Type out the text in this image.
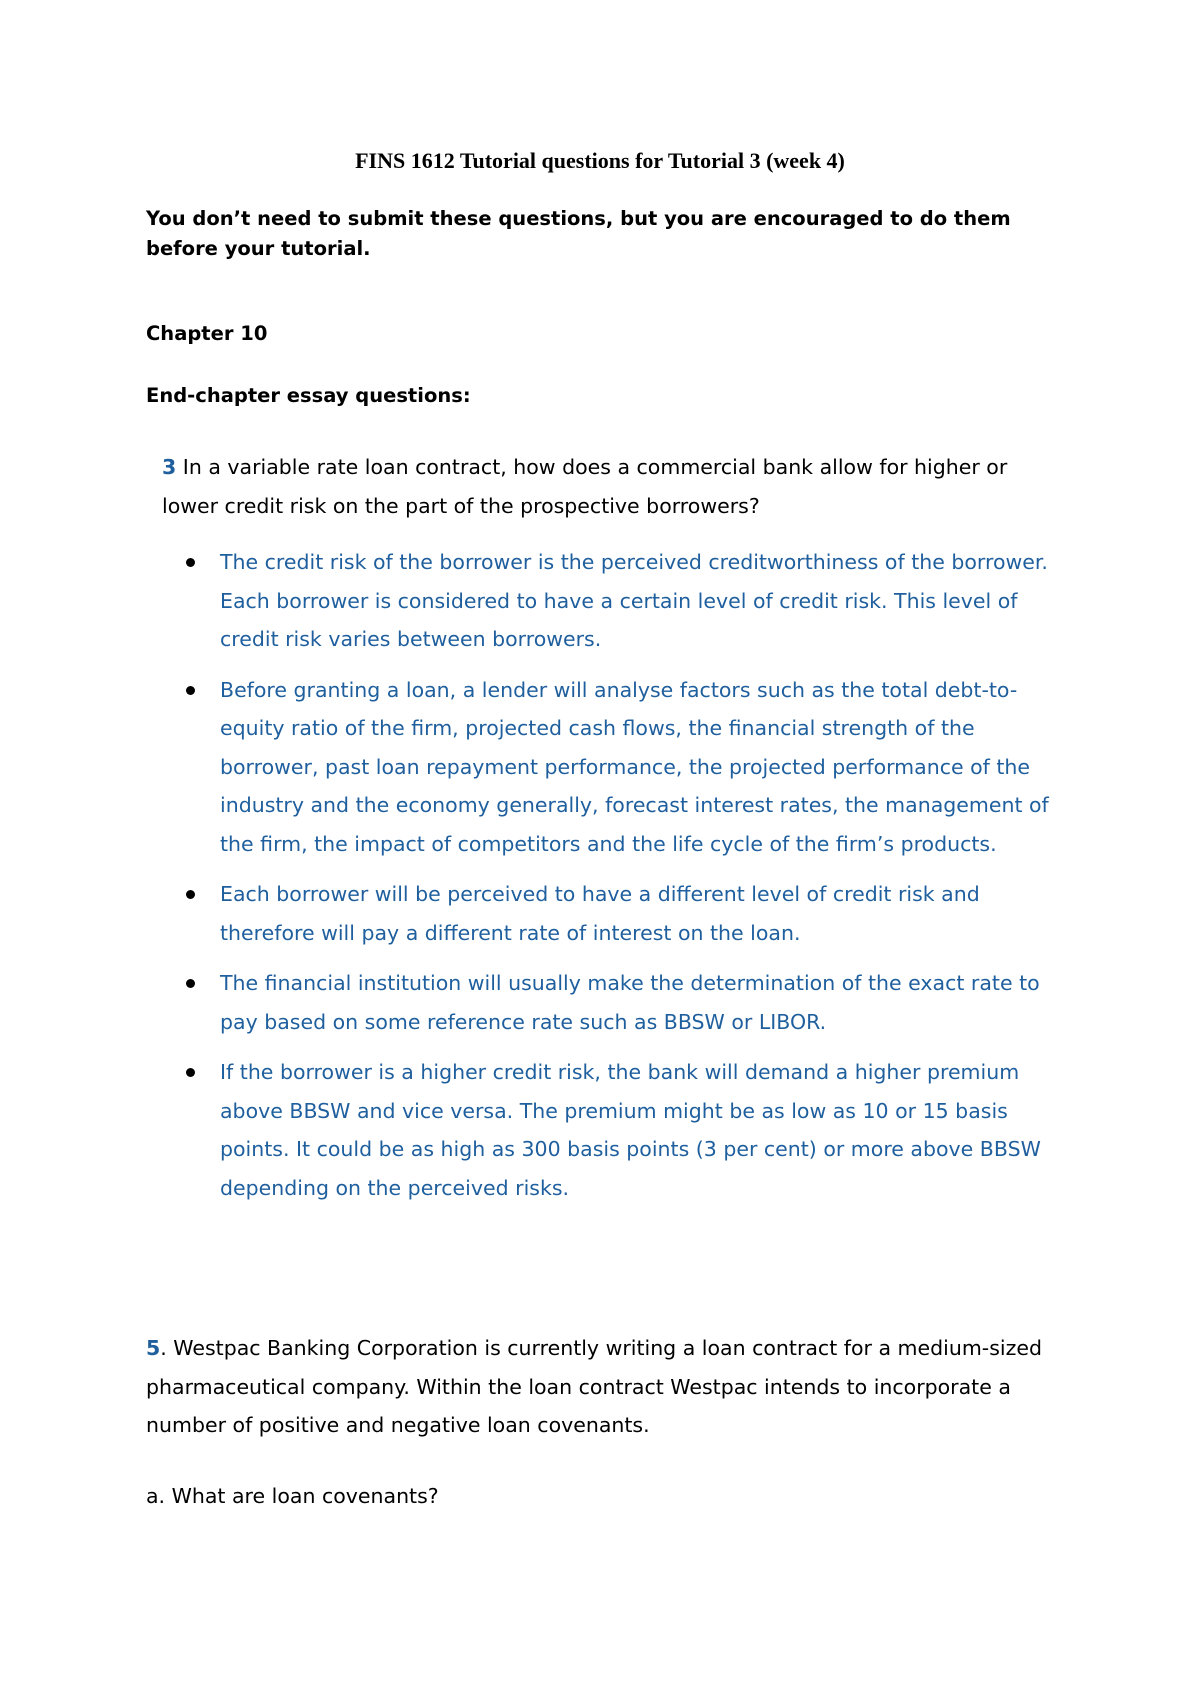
FINS 1612 Tutorial questions for Tutorial 3 (week 4)

You don’t need to submit these questions, but you are encouraged to do them before your tutorial.

Chapter 10

End-chapter essay questions:

3 In a variable rate loan contract, how does a commercial bank allow for higher or lower credit risk on the part of the prospective borrowers?

The credit risk of the borrower is the perceived creditworthiness of the borrower. Each borrower is considered to have a certain level of credit risk. This level of credit risk varies between borrowers.
Before granting a loan, a lender will analyse factors such as the total debt-to-equity ratio of the firm, projected cash flows, the financial strength of the borrower, past loan repayment performance, the projected performance of the industry and the economy generally, forecast interest rates, the management of the firm, the impact of competitors and the life cycle of the firm’s products.
Each borrower will be perceived to have a different level of credit risk and therefore will pay a different rate of interest on the loan.
The financial institution will usually make the determination of the exact rate to pay based on some reference rate such as BBSW or LIBOR.
If the borrower is a higher credit risk, the bank will demand a higher premium above BBSW and vice versa. The premium might be as low as 10 or 15 basis points. It could be as high as 300 basis points (3 per cent) or more above BBSW depending on the perceived risks.

5. Westpac Banking Corporation is currently writing a loan contract for a medium-sized pharmaceutical company. Within the loan contract Westpac intends to incorporate a number of positive and negative loan covenants.

a. What are loan covenants?
